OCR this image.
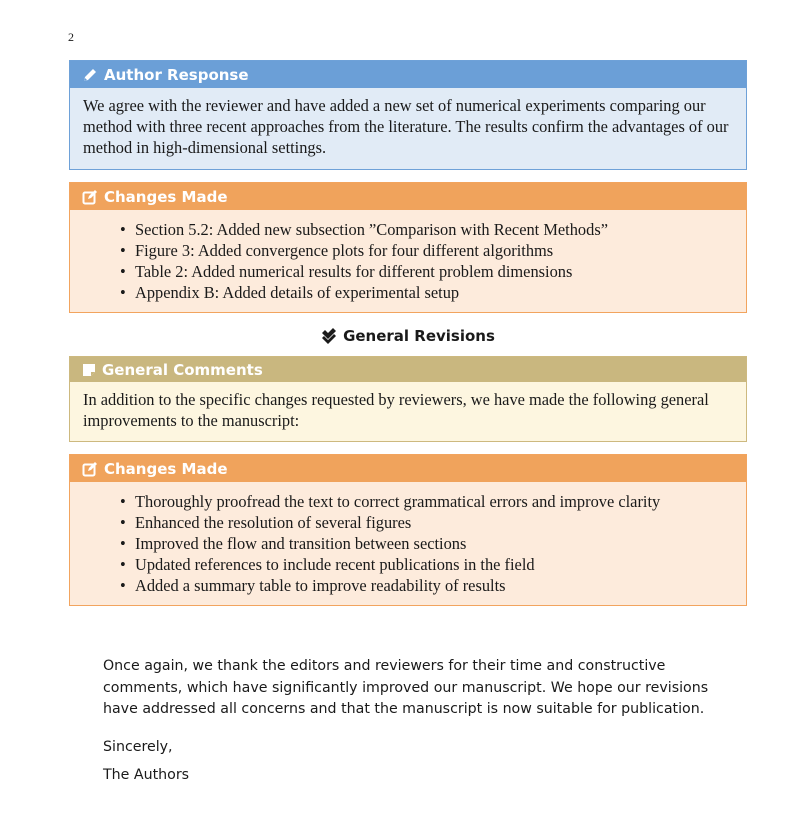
2
Author Response
We agree with the reviewer and have added a new set of numerical experiments comparing our method with three recent approaches from the literature. The results confirm the advantages of our method in high-dimensional settings.
Changes Made
• Section 5.2: Added new subsection ”Comparison with Recent Methods”
• Figure 3: Added convergence plots for four different algorithms
• Table 2: Added numerical results for different problem dimensions
• Appendix B: Added details of experimental setup
General Revisions
General Comments
In addition to the specific changes requested by reviewers, we have made the following general improvements to the manuscript:
Changes Made
• Thoroughly proofread the text to correct grammatical errors and improve clarity
• Enhanced the resolution of several figures
• Improved the flow and transition between sections
• Updated references to include recent publications in the field
• Added a summary table to improve readability of results

Once again, we thank the editors and reviewers for their time and constructive comments, which have significantly improved our manuscript. We hope our revisions have addressed all concerns and that the manuscript is now suitable for publication.

Sincerely,
The Authors
